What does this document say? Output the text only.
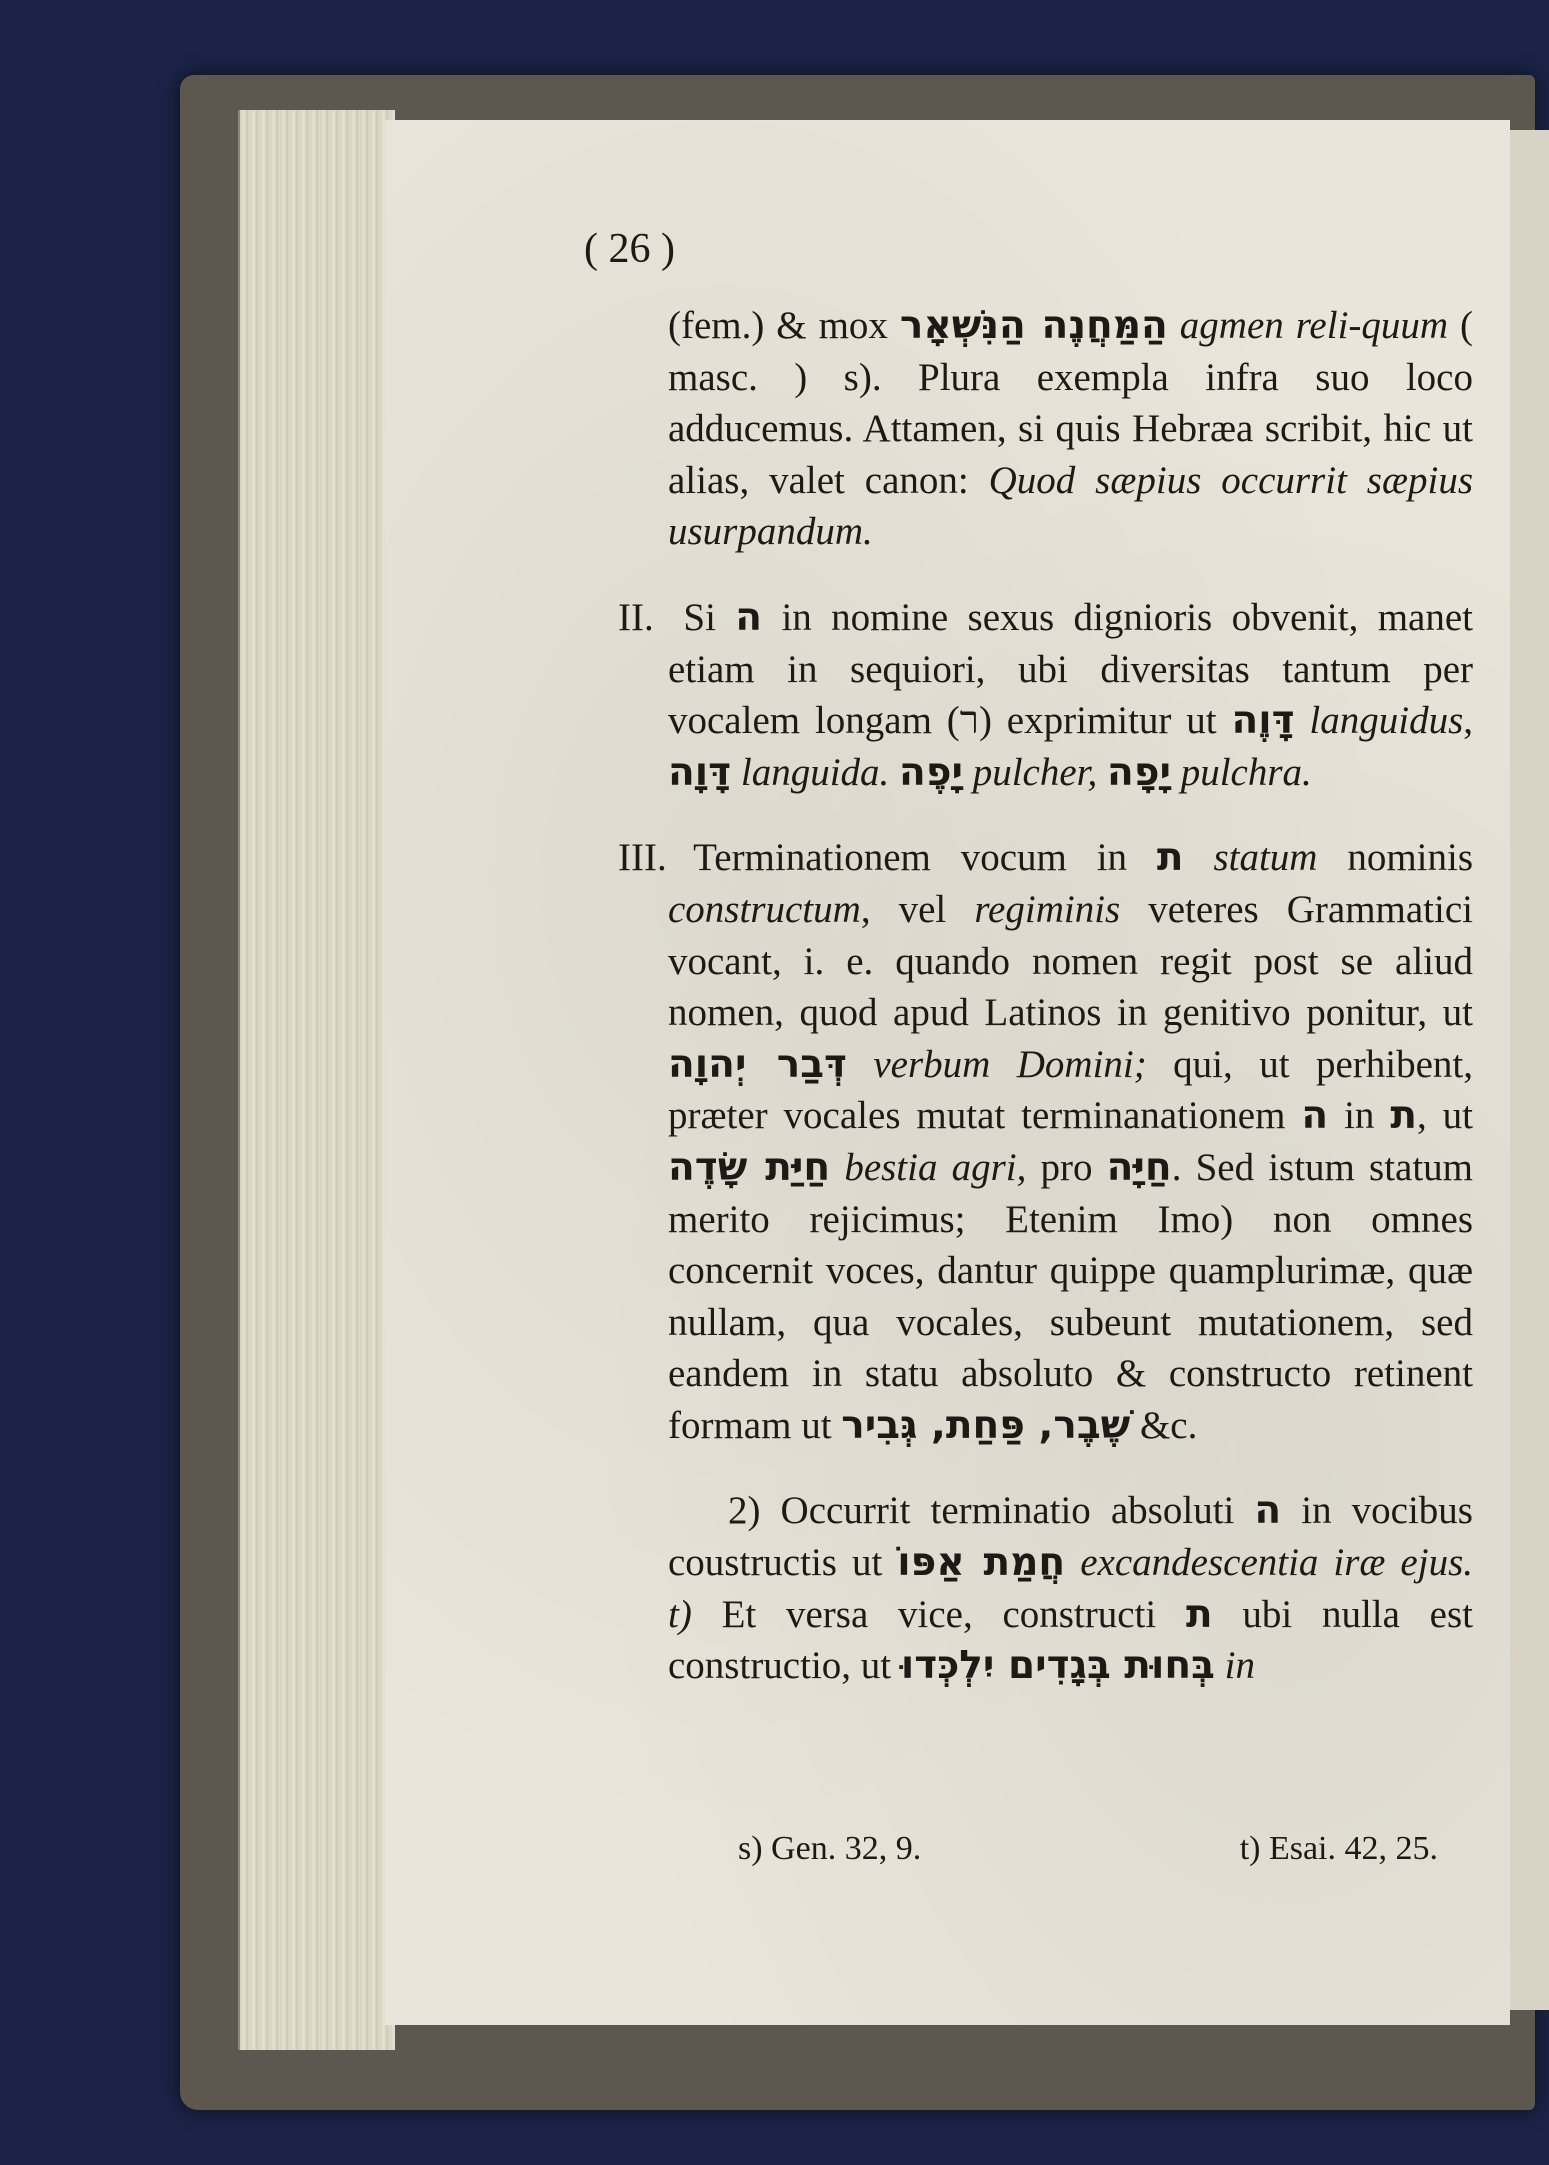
( 26 )

(fem.) & mox הַמַּחֲנֶה הַנִּשְׁאָר agmen reli-quum ( masc. ) s). Plura exempla infra suo loco adducemus. Attamen, si quis Hebræa scribit, hic ut alias, valet canon: Quod sæpius occurrit sæpius usurpandum.

II. Si ה in nomine sexus dignioris obvenit, manet etiam in sequiori, ubi diversitas tantum per vocalem longam (ר) exprimitur ut דָּוֶה languidus, דָּוָה languida. יָפֶה pulcher, יָפָה pulchra.

III. Terminationem vocum in ת statum nominis constructum, vel regiminis veteres Grammatici vocant, i. e. quando nomen regit post se aliud nomen, quod apud Latinos in genitivo ponitur, ut דְּבַר יְהוָה verbum Domini; qui, ut perhibent, præter vocales mutat terminanationem ה in ת, ut חַיַּת שָׂדֶה bestia agri, pro חַיָּה. Sed istum statum merito rejicimus; Etenim Imo) non omnes concernit voces, dantur quippe quamplurimæ, quæ nullam, qua vocales, subeunt mutationem, sed eandem in statu absoluto & constructo retinent formam ut שֶׁבֶר, פַּחַת, גְּבִיר &c.

2) Occurrit terminatio absoluti ה in vocibus coustructis ut חֲמַת אַפּוֹ excandescentia iræ ejus. t) Et versa vice, constructi ת ubi nulla est constructio, ut בְּחוּת בְּגָדִים יִלְכְּדוּ in

s) Gen. 32, 9.	t) Esai. 42, 25.
